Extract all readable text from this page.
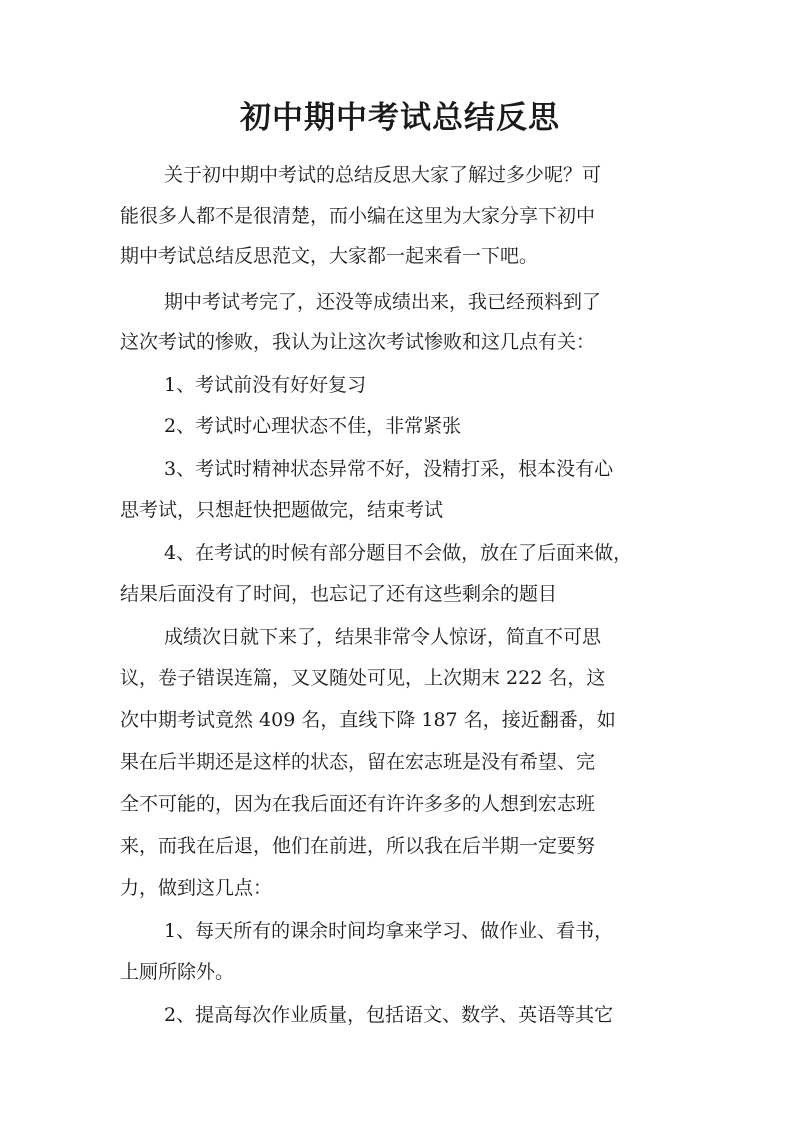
初中期中考试总结反思

关于初中期中考试的总结反思大家了解过多少呢？可

能很多人都不是很清楚，而小编在这里为大家分享下初中

期中考试总结反思范文，大家都一起来看一下吧。

期中考试考完了，还没等成绩出来，我已经预料到了

这次考试的惨败，我认为让这次考试惨败和这几点有关：

1、考试前没有好好复习

2、考试时心理状态不佳，非常紧张

3、考试时精神状态异常不好，没精打采，根本没有心

思考试，只想赶快把题做完，结束考试

4、在考试的时候有部分题目不会做，放在了后面来做，

结果后面没有了时间，也忘记了还有这些剩余的题目

成绩次日就下来了，结果非常令人惊讶，简直不可思

议，卷子错误连篇，叉叉随处可见，上次期末 222 名，这

次中期考试竟然 409 名，直线下降 187 名，接近翻番，如

果在后半期还是这样的状态，留在宏志班是没有希望、完

全不可能的，因为在我后面还有许许多多的人想到宏志班

来，而我在后退，他们在前进，所以我在后半期一定要努

力，做到这几点：

1、每天所有的课余时间均拿来学习、做作业、看书，

上厕所除外。

2、提高每次作业质量，包括语文、数学、英语等其它
